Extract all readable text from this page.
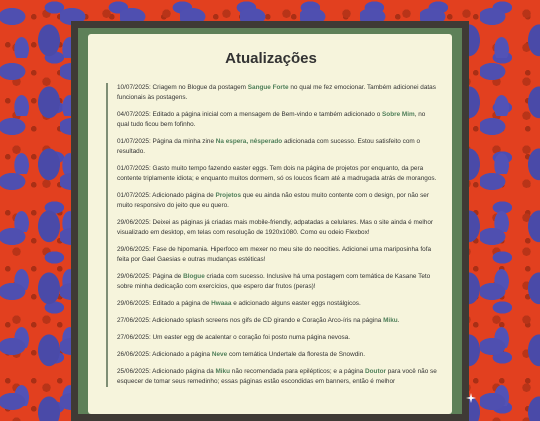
Atualizações

10/07/2025: Criagem no Blogue da postagem Sangue Forte no qual me fez emocionar. Também adicionei datas funcionais às postagens.

04/07/2025: Editado a página inicial com a mensagem de Bem-vindo e também adicionado o Sobre Mim, no qual tudo ficou bem fofinho.

01/07/2025: Página da minha zine Na espera, nêsperado adicionada com sucesso. Estou satisfeito com o resultado.

01/07/2025: Gasto muito tempo fazendo easter eggs. Tem dois na página de projetos por enquanto, da pera contente triplamente idiota; e enquanto muitos dormem, só os loucos ficam até a madrugada atrás de morangos.

01/07/2025: Adicionado página de Projetos que eu ainda não estou muito contente com o design, por não ser muito responsivo do jeito que eu quero.

29/06/2025: Deixei as páginas já criadas mais mobile-friendly, adpatadas a celulares. Mas o site ainda é melhor visualizado em desktop, em telas com resolução de 1920x1080. Como eu odeio Flexbox!

29/06/2025: Fase de hipomania. Hiperfoco em mexer no meu site do neocities. Adicionei uma mariposinha fofa feita por Gael Gaesias e outras mudanças estéticas!

29/06/2025: Página de Blogue criada com sucesso. Inclusive há uma postagem com temática de Kasane Teto sobre minha dedicação com exercícios, que espero dar frutos (peras)!

29/06/2025: Editado a página de Hwaaa e adicionado alguns easter eggs nostálgicos.

27/06/2025: Adicionado splash screens nos gifs de CD girando e Coração Arco-íris na página Miku.

27/06/2025: Um easter egg de acalentar o coração foi posto numa página nevosa.

26/06/2025: Adicionado a página Neve com temática Undertale da floresta de Snowdin.

25/06/2025: Adicionado página da Miku não recomendada para epilépticos; e a página Doutor para você não se esquecer de tomar seus remedinho; essas páginas estão escondidas em banners, então é melhor
